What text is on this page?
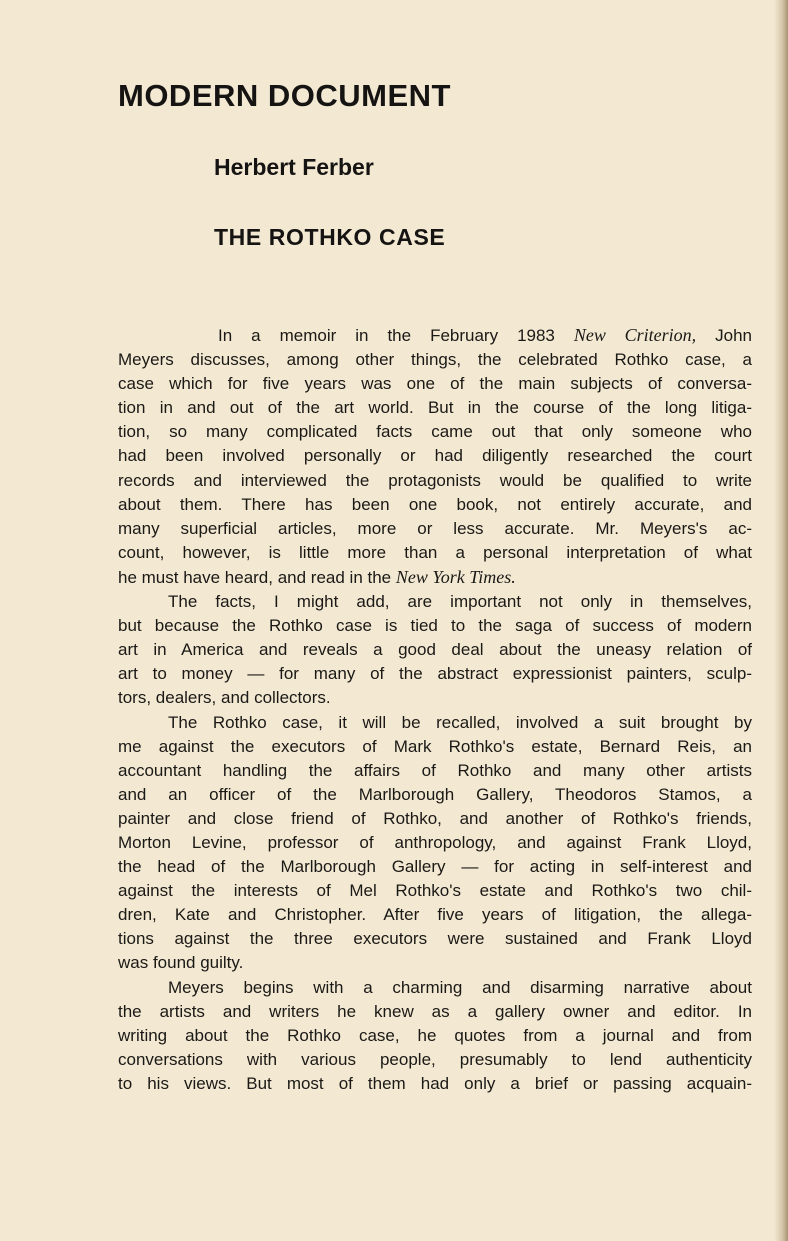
MODERN DOCUMENT
Herbert Ferber
THE ROTHKO CASE
In a memoir in the February 1983 New Criterion, John
Meyers discusses, among other things, the celebrated Rothko case, a
case which for five years was one of the main subjects of conversa-
tion in and out of the art world. But in the course of the long litiga-
tion, so many complicated facts came out that only someone who
had been involved personally or had diligently researched the court
records and interviewed the protagonists would be qualified to write
about them. There has been one book, not entirely accurate, and
many superficial articles, more or less accurate. Mr. Meyers's ac-
count, however, is little more than a personal interpretation of what
he must have heard, and read in the New York Times.
The facts, I might add, are important not only in themselves,
but because the Rothko case is tied to the saga of success of modern
art in America and reveals a good deal about the uneasy relation of
art to money — for many of the abstract expressionist painters, sculp-
tors, dealers, and collectors.
The Rothko case, it will be recalled, involved a suit brought by
me against the executors of Mark Rothko's estate, Bernard Reis, an
accountant handling the affairs of Rothko and many other artists
and an officer of the Marlborough Gallery, Theodoros Stamos, a
painter and close friend of Rothko, and another of Rothko's friends,
Morton Levine, professor of anthropology, and against Frank Lloyd,
the head of the Marlborough Gallery — for acting in self-interest and
against the interests of Mel Rothko's estate and Rothko's two chil-
dren, Kate and Christopher. After five years of litigation, the allega-
tions against the three executors were sustained and Frank Lloyd
was found guilty.
Meyers begins with a charming and disarming narrative about
the artists and writers he knew as a gallery owner and editor. In
writing about the Rothko case, he quotes from a journal and from
conversations with various people, presumably to lend authenticity
to his views. But most of them had only a brief or passing acquain-
